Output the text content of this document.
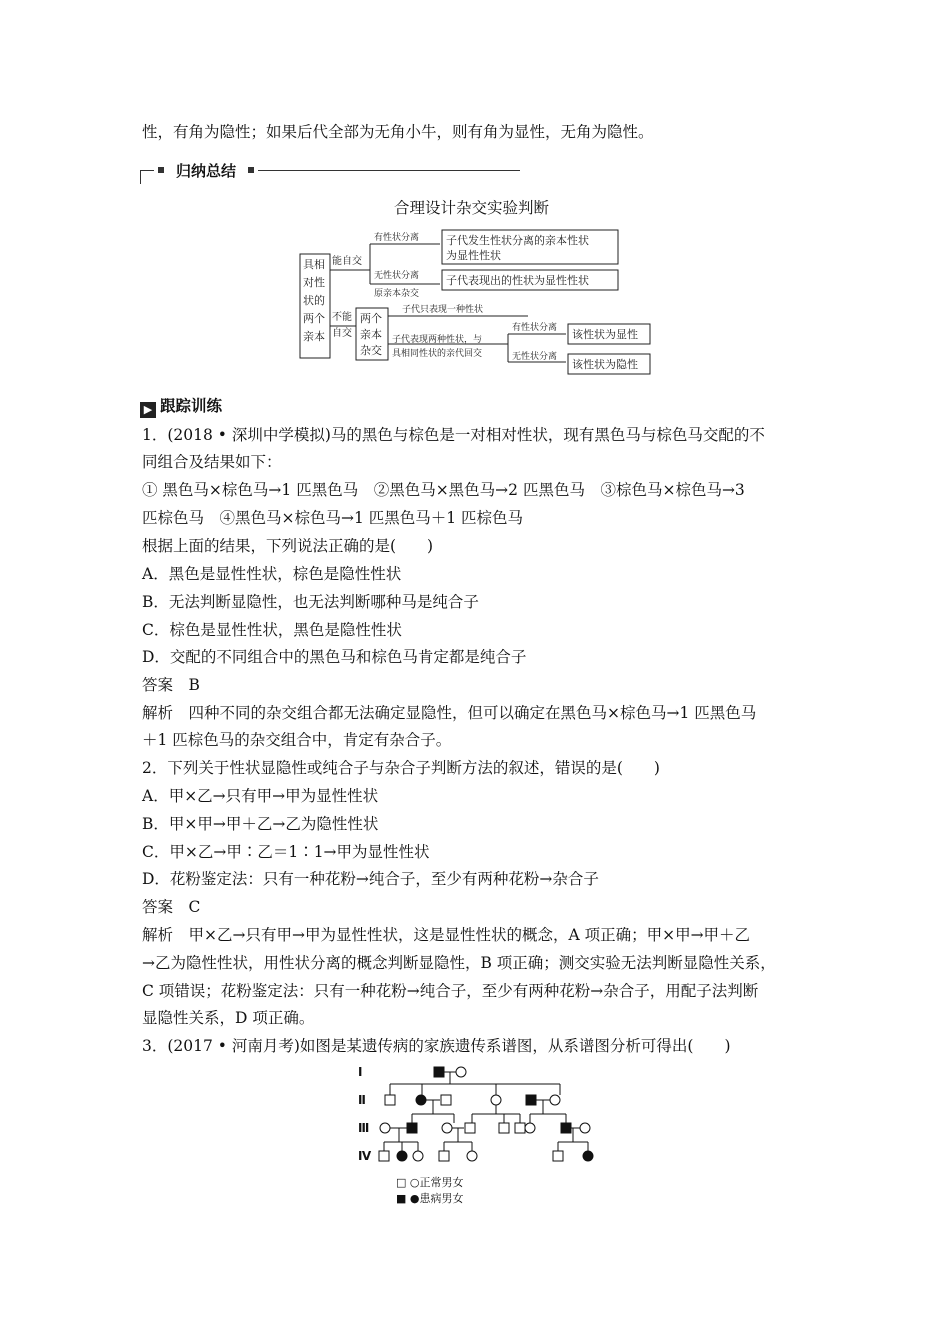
性，有角为隐性；如果后代全部为无角小牛，则有角为显性，无角为隐性。
归纳总结
合理设计杂交实验判断
具相
对性
状的
两个
亲本
能自交
不能
自交
有性状分离
无性状分离
原亲本杂交
子代发生性状分离的亲本性状
为显性性状
子代表现出的性状为显性性状
两个
亲本
杂交
子代只表现一种性状
子代表现两种性状，与
具相同性状的亲代回交
有性状分离
无性状分离
该性状为显性
该性状为隐性
▶ 跟踪训练
1．(2018 • 深圳中学模拟)马的黑色与棕色是一对相对性状，现有黑色马与棕色马交配的不
同组合及结果如下：
① 黑色马×棕色马→1 匹黑色马　②黑色马×黑色马→2 匹黑色马　③棕色马×棕色马→3
匹棕色马　④黑色马×棕色马→1 匹黑色马＋1 匹棕色马
根据上面的结果，下列说法正确的是(　　)
A．黑色是显性性状，棕色是隐性性状
B．无法判断显隐性，也无法判断哪种马是纯合子
C．棕色是显性性状，黑色是隐性性状
D．交配的不同组合中的黑色马和棕色马肯定都是纯合子
答案　B
解析　四种不同的杂交组合都无法确定显隐性，但可以确定在黑色马×棕色马→1 匹黑色马
＋1 匹棕色马的杂交组合中，肯定有杂合子。
2．下列关于性状显隐性或纯合子与杂合子判断方法的叙述，错误的是(　　)
A．甲×乙→只有甲→甲为显性性状
B．甲×甲→甲＋乙→乙为隐性性状
C．甲×乙→甲∶乙＝1∶1→甲为显性性状
D．花粉鉴定法：只有一种花粉→纯合子，至少有两种花粉→杂合子
答案　C
解析　甲×乙→只有甲→甲为显性性状，这是显性性状的概念，A 项正确；甲×甲→甲＋乙
→乙为隐性性状，用性状分离的概念判断显隐性，B 项正确；测交实验无法判断显隐性关系，
C 项错误；花粉鉴定法：只有一种花粉→纯合子，至少有两种花粉→杂合子，用配子法判断
显隐性关系，D 项正确。
3．(2017 • 河南月考)如图是某遗传病的家族遗传系谱图，从系谱图分析可得出(　　)
Ⅰ
Ⅱ
Ⅲ
Ⅳ
□ ○正常男女
■ ●患病男女
